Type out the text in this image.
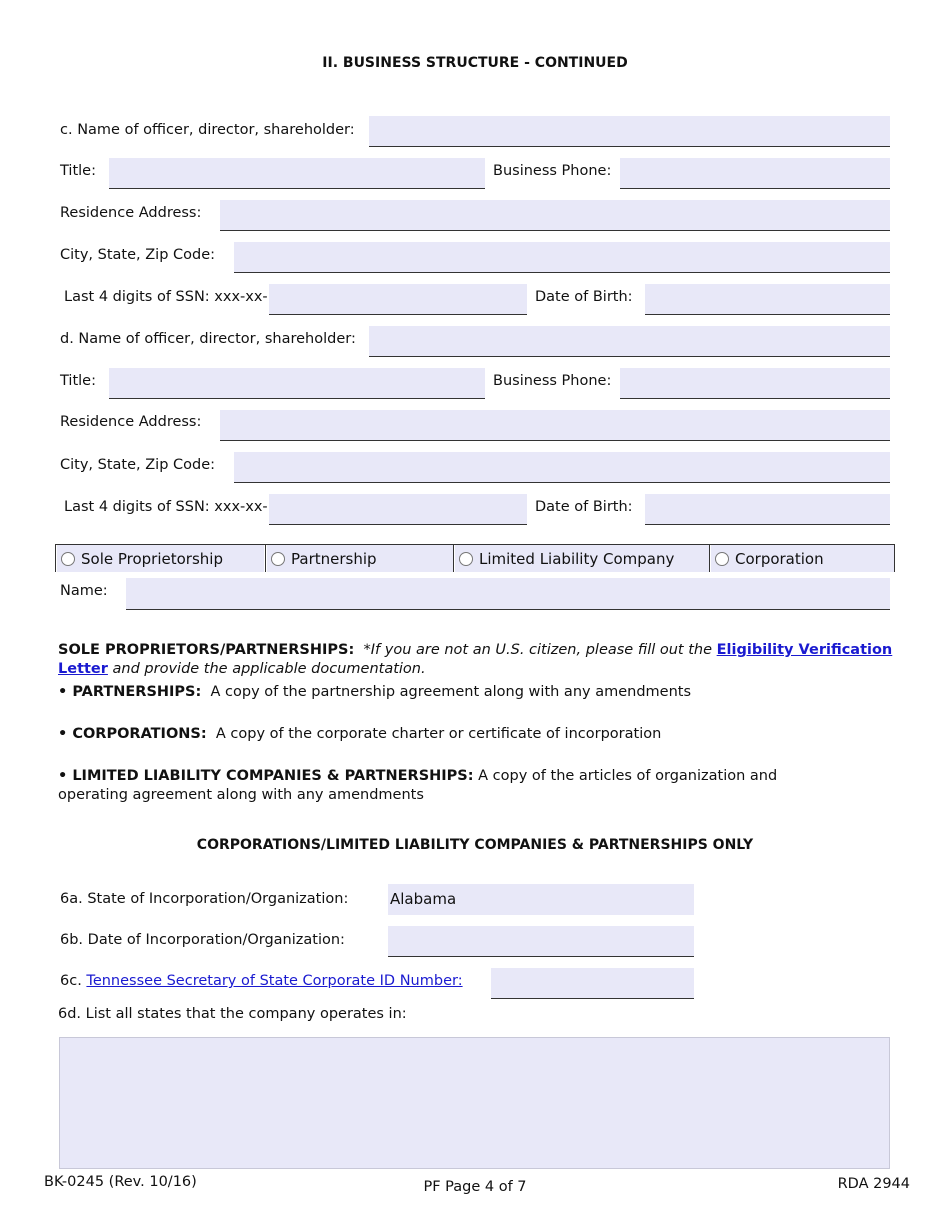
II. BUSINESS STRUCTURE - CONTINUED
c. Name of officer, director, shareholder:
Title:	Business Phone:
Residence Address:
City, State, Zip Code:
Last 4 digits of SSN: xxx-xx-	Date of Birth:
d. Name of officer, director, shareholder:
Title:	Business Phone:
Residence Address:
City, State, Zip Code:
Last 4 digits of SSN: xxx-xx-	Date of Birth:
Sole Proprietorship	Partnership	Limited Liability Company	Corporation
Name:
SOLE PROPRIETORS/PARTNERSHIPS: *If you are not an U.S. citizen, please fill out the Eligibility Verification Letter and provide the applicable documentation.
• PARTNERSHIPS: A copy of the partnership agreement along with any amendments
• CORPORATIONS: A copy of the corporate charter or certificate of incorporation
• LIMITED LIABILITY COMPANIES & PARTNERSHIPS: A copy of the articles of organization and operating agreement along with any amendments
CORPORATIONS/LIMITED LIABILITY COMPANIES & PARTNERSHIPS ONLY
6a. State of Incorporation/Organization:	Alabama
6b. Date of Incorporation/Organization:
6c. Tennessee Secretary of State Corporate ID Number:
6d. List all states that the company operates in:
BK-0245 (Rev. 10/16)	PF Page 4 of 7	RDA 2944
